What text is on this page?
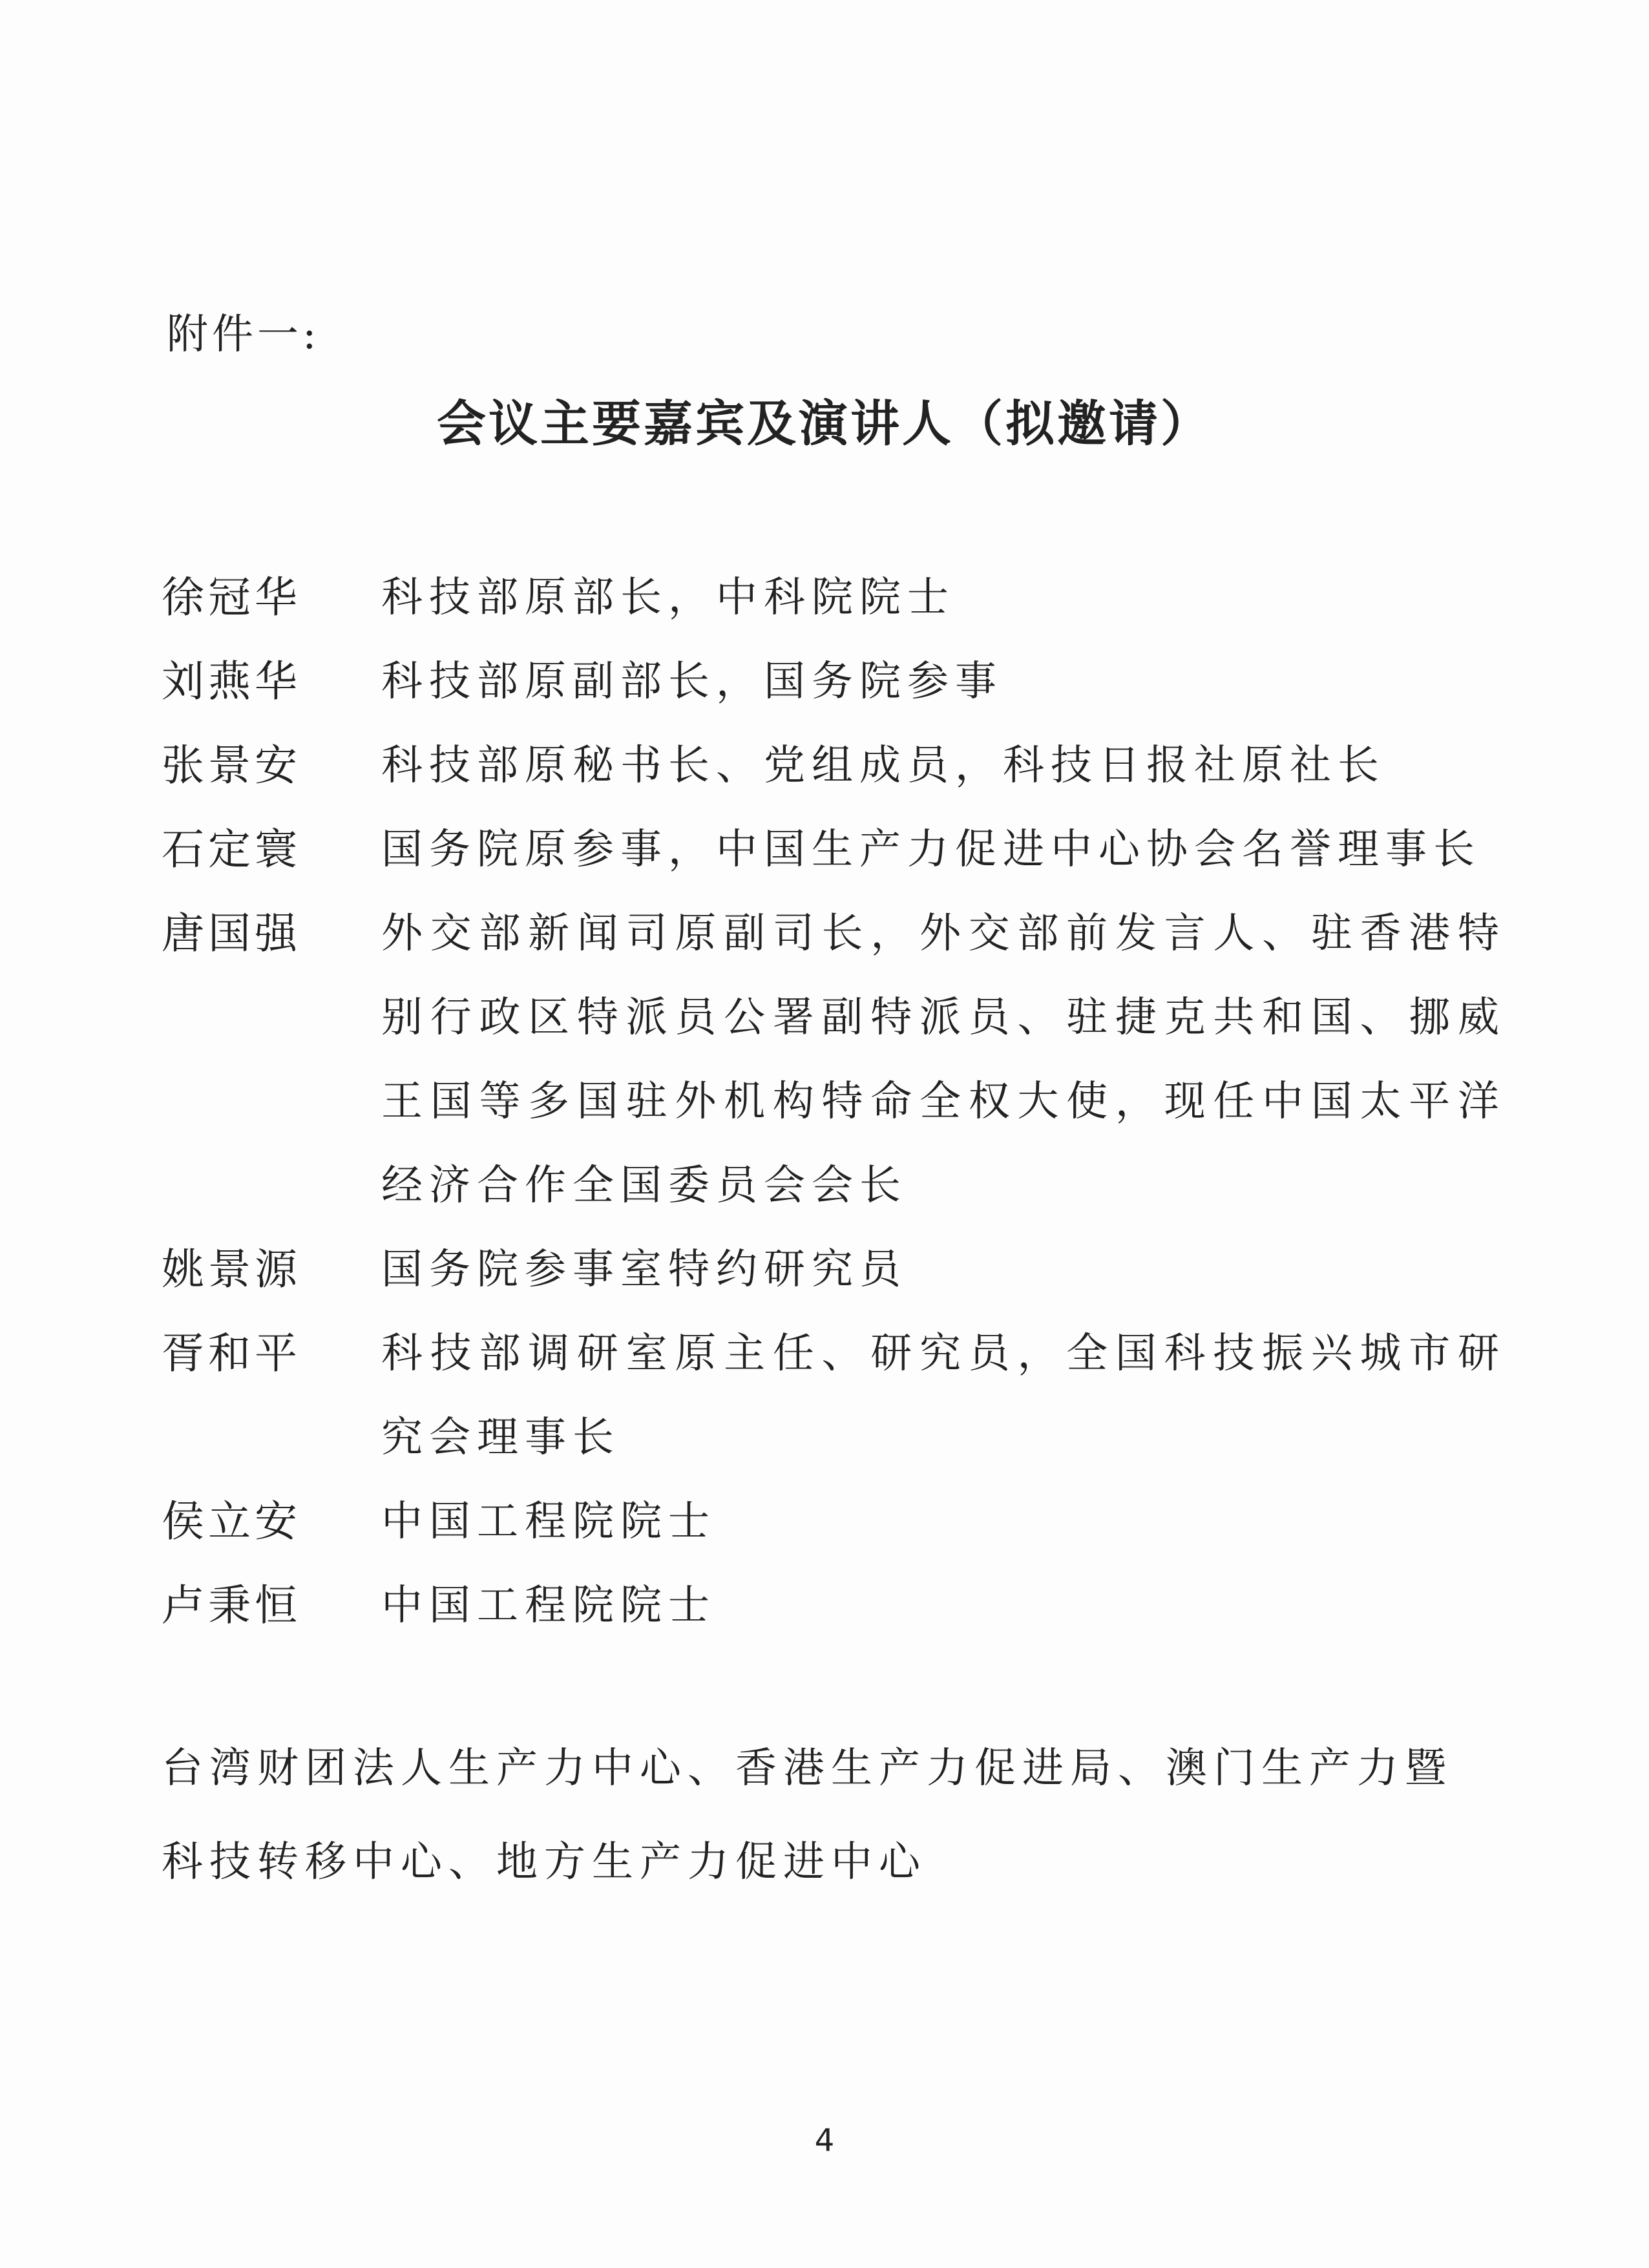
附件一:
会议主要嘉宾及演讲人（拟邀请）
徐冠华	科技部原部长，中科院院士
刘燕华	科技部原副部长，国务院参事
张景安	科技部原秘书长、党组成员，科技日报社原社长
石定寰	国务院原参事，中国生产力促进中心协会名誉理事长
唐国强	外交部新闻司原副司长，外交部前发言人、驻香港特别行政区特派员公署副特派员、驻捷克共和国、挪威王国等多国驻外机构特命全权大使，现任中国太平洋经济合作全国委员会会长
姚景源	国务院参事室特约研究员
胥和平	科技部调研室原主任、研究员，全国科技振兴城市研究会理事长
侯立安	中国工程院院士
卢秉恒	中国工程院院士
台湾财团法人生产力中心、香港生产力促进局、澳门生产力暨科技转移中心、地方生产力促进中心
4
